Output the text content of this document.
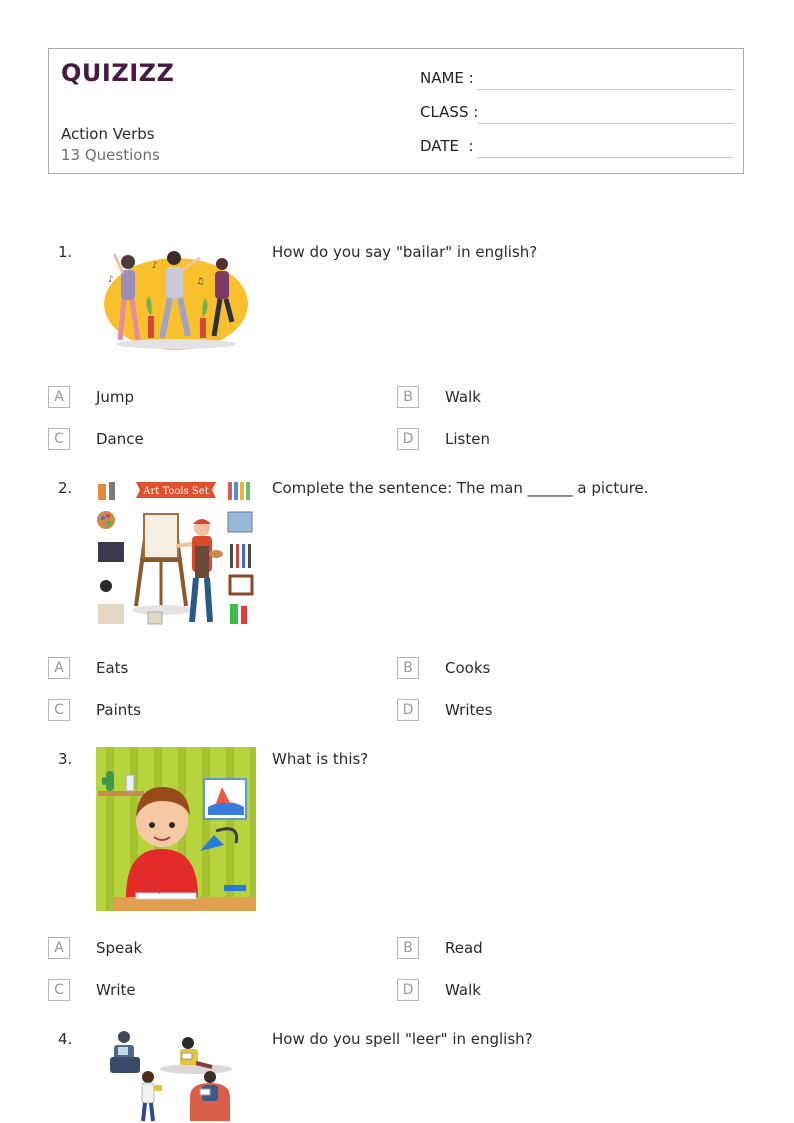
QUIZIZZ
Action Verbs
13 Questions
NAME :
CLASS :
DATE  :
1.
♪
♪
♫
How do you say "bailar" in english?
A	Jump	B	Walk
C	Dance	D	Listen
2.	Art Tools Set	Complete the sentence: The man ______ a picture.
A	Eats	B	Cooks
C	Paints	D	Writes
3.	What is this?
A	Speak	B	Read
C	Write	D	Walk
4.	How do you spell "leer" in english?
